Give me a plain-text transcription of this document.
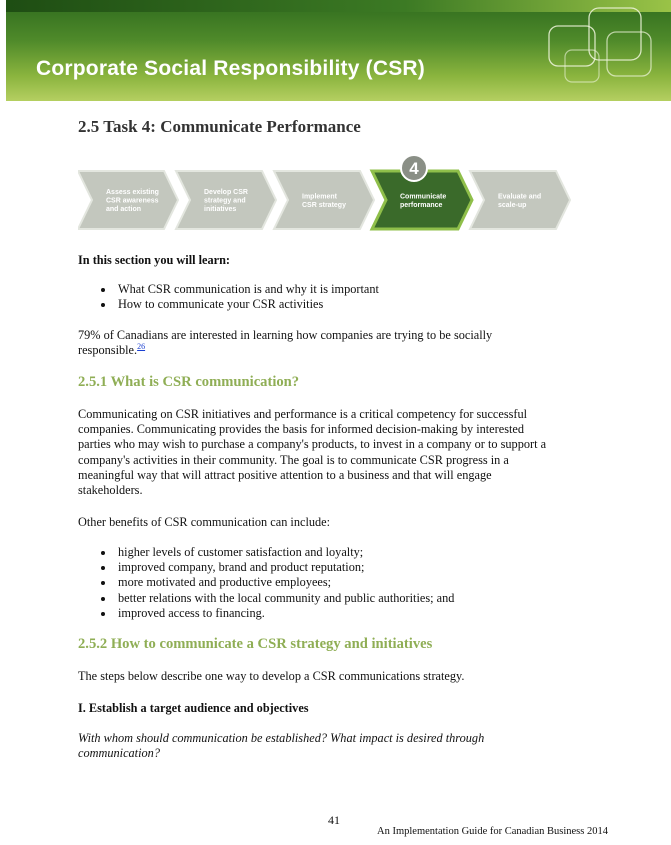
Corporate Social Responsibility (CSR)
2.5 Task 4: Communicate Performance
Assess existing CSR awareness and action
Develop CSR strategy and initiatives
Implement CSR strategy
Communicate performance
4
Evaluate and scale-up
In this section you will learn:
What CSR communication is and why it is important
How to communicate your CSR activities
79% of Canadians are interested in learning how companies are trying to be socially
responsible.$^{26}$
2.5.1 What is CSR communication?
Communicating on CSR initiatives and performance is a critical competency for successful
companies. Communicating provides the basis for informed decision-making by interested
parties who may wish to purchase a company's products, to invest in a company or to support a
company's activities in their community. The goal is to communicate CSR progress in a
meaningful way that will attract positive attention to a business and that will engage
stakeholders.
Other benefits of CSR communication can include:
higher levels of customer satisfaction and loyalty;
improved company, brand and product reputation;
more motivated and productive employees;
better relations with the local community and public authorities; and
improved access to financing.
2.5.2 How to communicate a CSR strategy and initiatives
The steps below describe one way to develop a CSR communications strategy.
I. Establish a target audience and objectives
With whom should communication be established? What impact is desired through
communication?
41
An Implementation Guide for Canadian Business 2014
